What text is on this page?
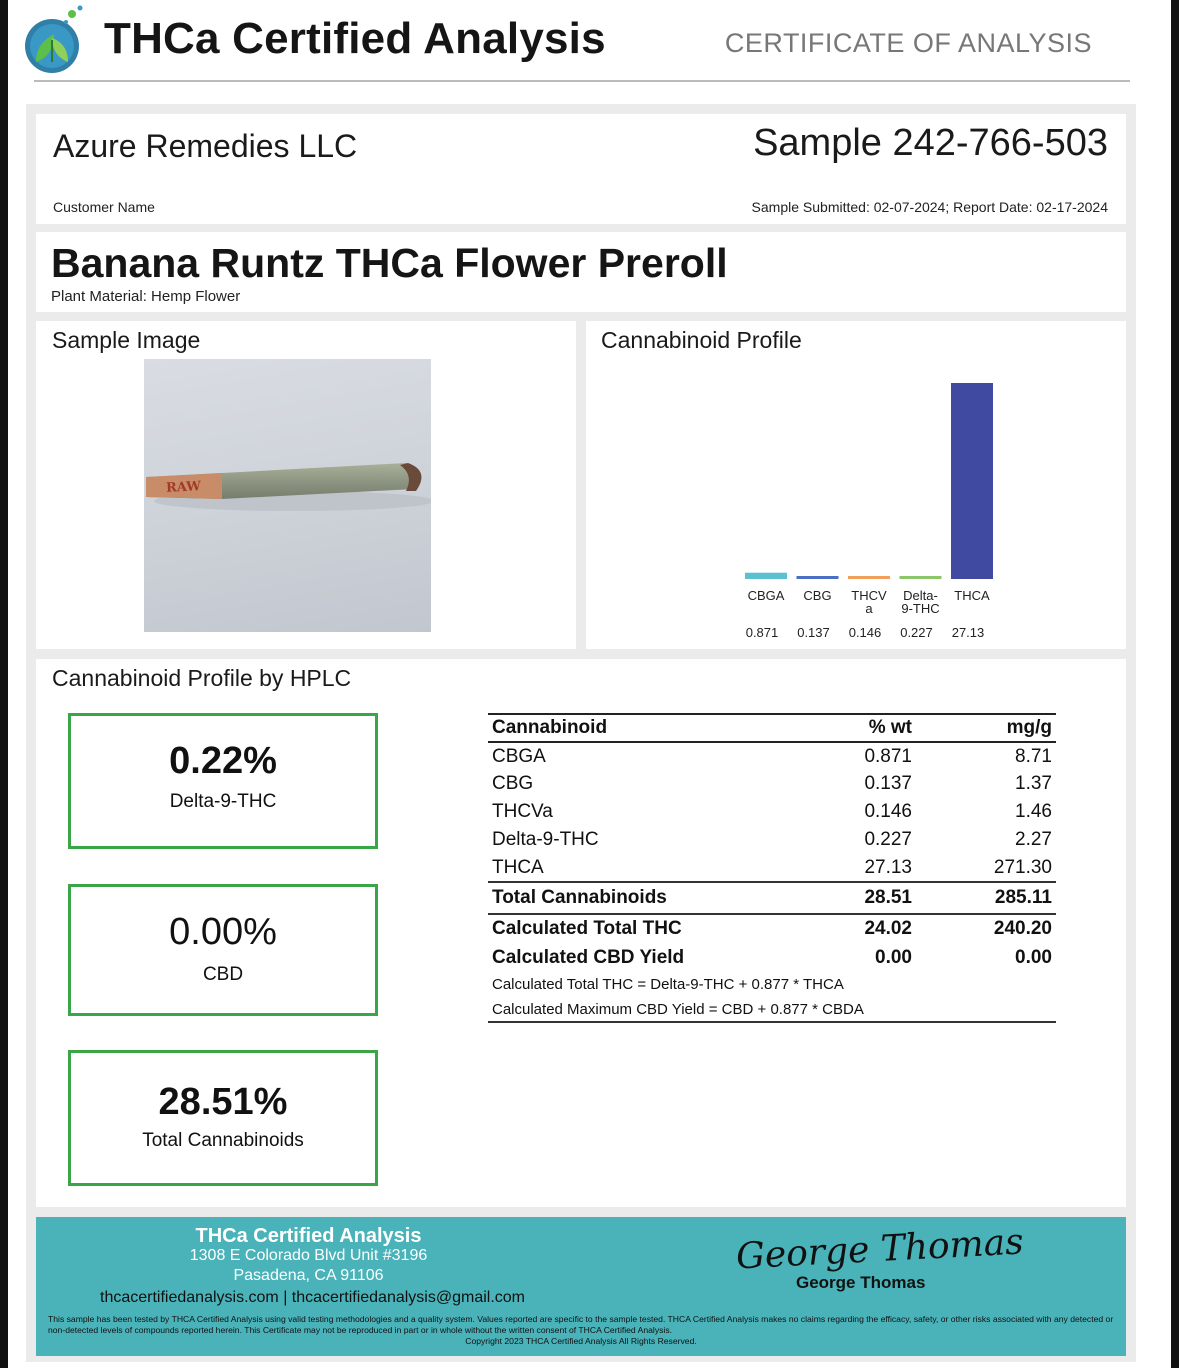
THCa Certified Analysis	CERTIFICATE OF ANALYSIS
Azure Remedies LLC	Sample 242-766-503
Customer Name	Sample Submitted: 02-07-2024; Report Date: 02-17-2024
Banana Runtz THCa Flower Preroll
Plant Material: Hemp Flower
Sample Image
RAW
Cannabinoid Profile
CBGA
0.871
CBG
0.137
THCV
a
0.146
Delta-
9-THC
0.227
THCA
27.13
Cannabinoid Profile by HPLC
0.22%
Delta-9-THC
0.00%
CBD
28.51%
Total Cannabinoids
Cannabinoid	% wt	mg/g
CBGA	0.871	8.71
CBG	0.137	1.37
THCVa	0.146	1.46
Delta-9-THC	0.227	2.27
THCA	27.13	271.30
Total Cannabinoids	28.51	285.11
Calculated Total THC	24.02	240.20
Calculated CBD Yield	0.00	0.00
Calculated Total THC = Delta-9-THC + 0.877 * THCA		
Calculated Maximum CBD Yield = CBD + 0.877 * CBDA		
THCa Certified Analysis
1308 E Colorado Blvd Unit #3196
Pasadena, CA 91106
thcacertifiedanalysis.com | thcacertifiedanalysis@gmail.com
George Thomas
George Thomas
This sample has been tested by THCA Certified Analysis using valid testing methodologies and a quality system. Values reported are specific to the sample tested. THCA Certified Analysis makes no claims regarding the efficacy, safety, or other risks associated with any detected or non-detected levels of compounds reported herein. This Certificate may not be reproduced in part or in whole without the written consent of THCA Certified Analysis.
Copyright 2023 THCA Certified Analysis All Rights Reserved.
